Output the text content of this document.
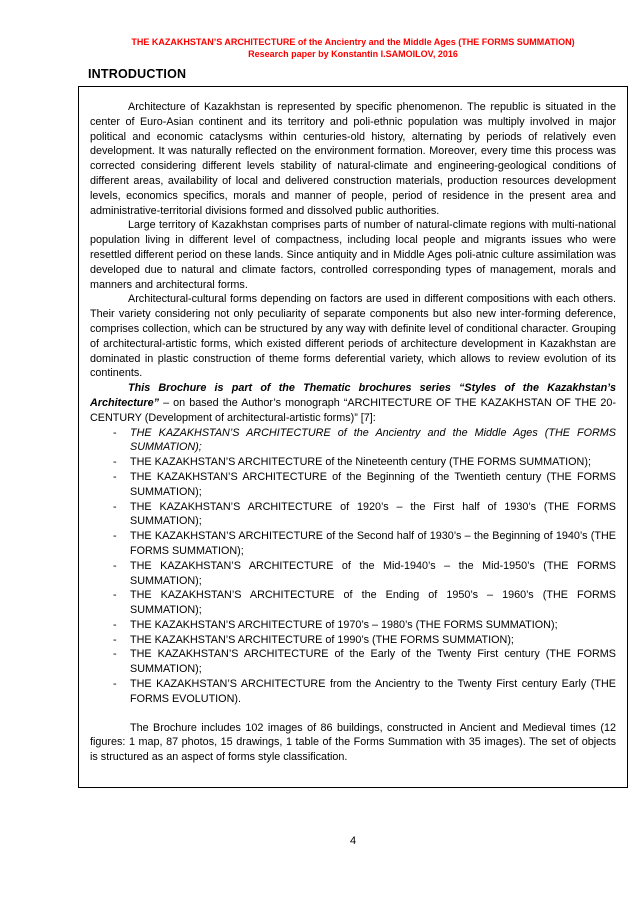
THE KAZAKHSTAN’S ARCHITECTURE of the Ancientry and the Middle Ages (THE FORMS SUMMATION)
Research paper by Konstantin I.SAMOILOV, 2016
INTRODUCTION

Architecture of Kazakhstan is represented by specific phenomenon. The republic is situated in the center of Euro-Asian continent and its territory and poli-ethnic population was multiply involved in major political and economic cataclysms within centuries-old history, alternating by periods of relatively even development. It was naturally reflected on the environment formation. Moreover, every time this process was corrected considering different levels stability of natural-climate and engineering-geological conditions of different areas, availability of local and delivered construction materials, production resources development levels, economics specifics, morals and manner of people, period of residence in the present area and administrative-territorial divisions formed and dissolved public authorities.

Large territory of Kazakhstan comprises parts of number of natural-climate regions with multi-national population living in different level of compactness, including local people and migrants issues who were resettled different period on these lands. Since antiquity and in Middle Ages poli-atnic culture assimilation was developed due to natural and climate factors, controlled corresponding types of management, morals and manners and architectural forms.

Architectural-cultural forms depending on factors are used in different compositions with each others. Their variety considering not only peculiarity of separate components but also new inter-forming deference, comprises collection, which can be structured by any way with definite level of conditional character. Grouping of architectural-artistic forms, which existed different periods of architecture development in Kazakhstan are dominated in plastic construction of theme forms deferential variety, which allows to review evolution of its continents.

This Brochure is part of the Thematic brochures series “Styles of the Kazakhstan’s Architecture” – on based the Author’s monograph “ARCHITECTURE OF THE KAZAKHSTAN OF THE 20-CENTURY (Development of architectural-artistic forms)” [7]:

- THE KAZAKHSTAN’S ARCHITECTURE of the Ancientry and the Middle Ages (THE FORMS SUMMATION);
- THE KAZAKHSTAN’S ARCHITECTURE of the Nineteenth century (THE FORMS SUMMATION);
- THE KAZAKHSTAN’S ARCHITECTURE of the Beginning of the Twentieth century (THE FORMS SUMMATION);
- THE KAZAKHSTAN’S ARCHITECTURE of 1920’s – the First half of 1930’s (THE FORMS SUMMATION);
- THE KAZAKHSTAN’S ARCHITECTURE of the Second half of 1930’s – the Beginning of 1940’s (THE FORMS SUMMATION);
- THE KAZAKHSTAN’S ARCHITECTURE of the Mid-1940’s – the Mid-1950’s (THE FORMS SUMMATION);
- THE KAZAKHSTAN’S ARCHITECTURE of the Ending of 1950’s – 1960’s (THE FORMS SUMMATION);
- THE KAZAKHSTAN’S ARCHITECTURE of 1970’s – 1980’s (THE FORMS SUMMATION);
- THE KAZAKHSTAN’S ARCHITECTURE of 1990’s (THE FORMS SUMMATION);
- THE KAZAKHSTAN’S ARCHITECTURE of the Early of the Twenty First century (THE FORMS SUMMATION);
- THE KAZAKHSTAN’S ARCHITECTURE from the Ancientry to the Twenty First century Early (THE FORMS EVOLUTION).

The Brochure includes 102 images of 86 buildings, constructed in Ancient and Medieval times (12 figures: 1 map, 87 photos, 15 drawings, 1 table of the Forms Summation with 35 images). The set of objects is structured as an aspect of forms style classification.

4
